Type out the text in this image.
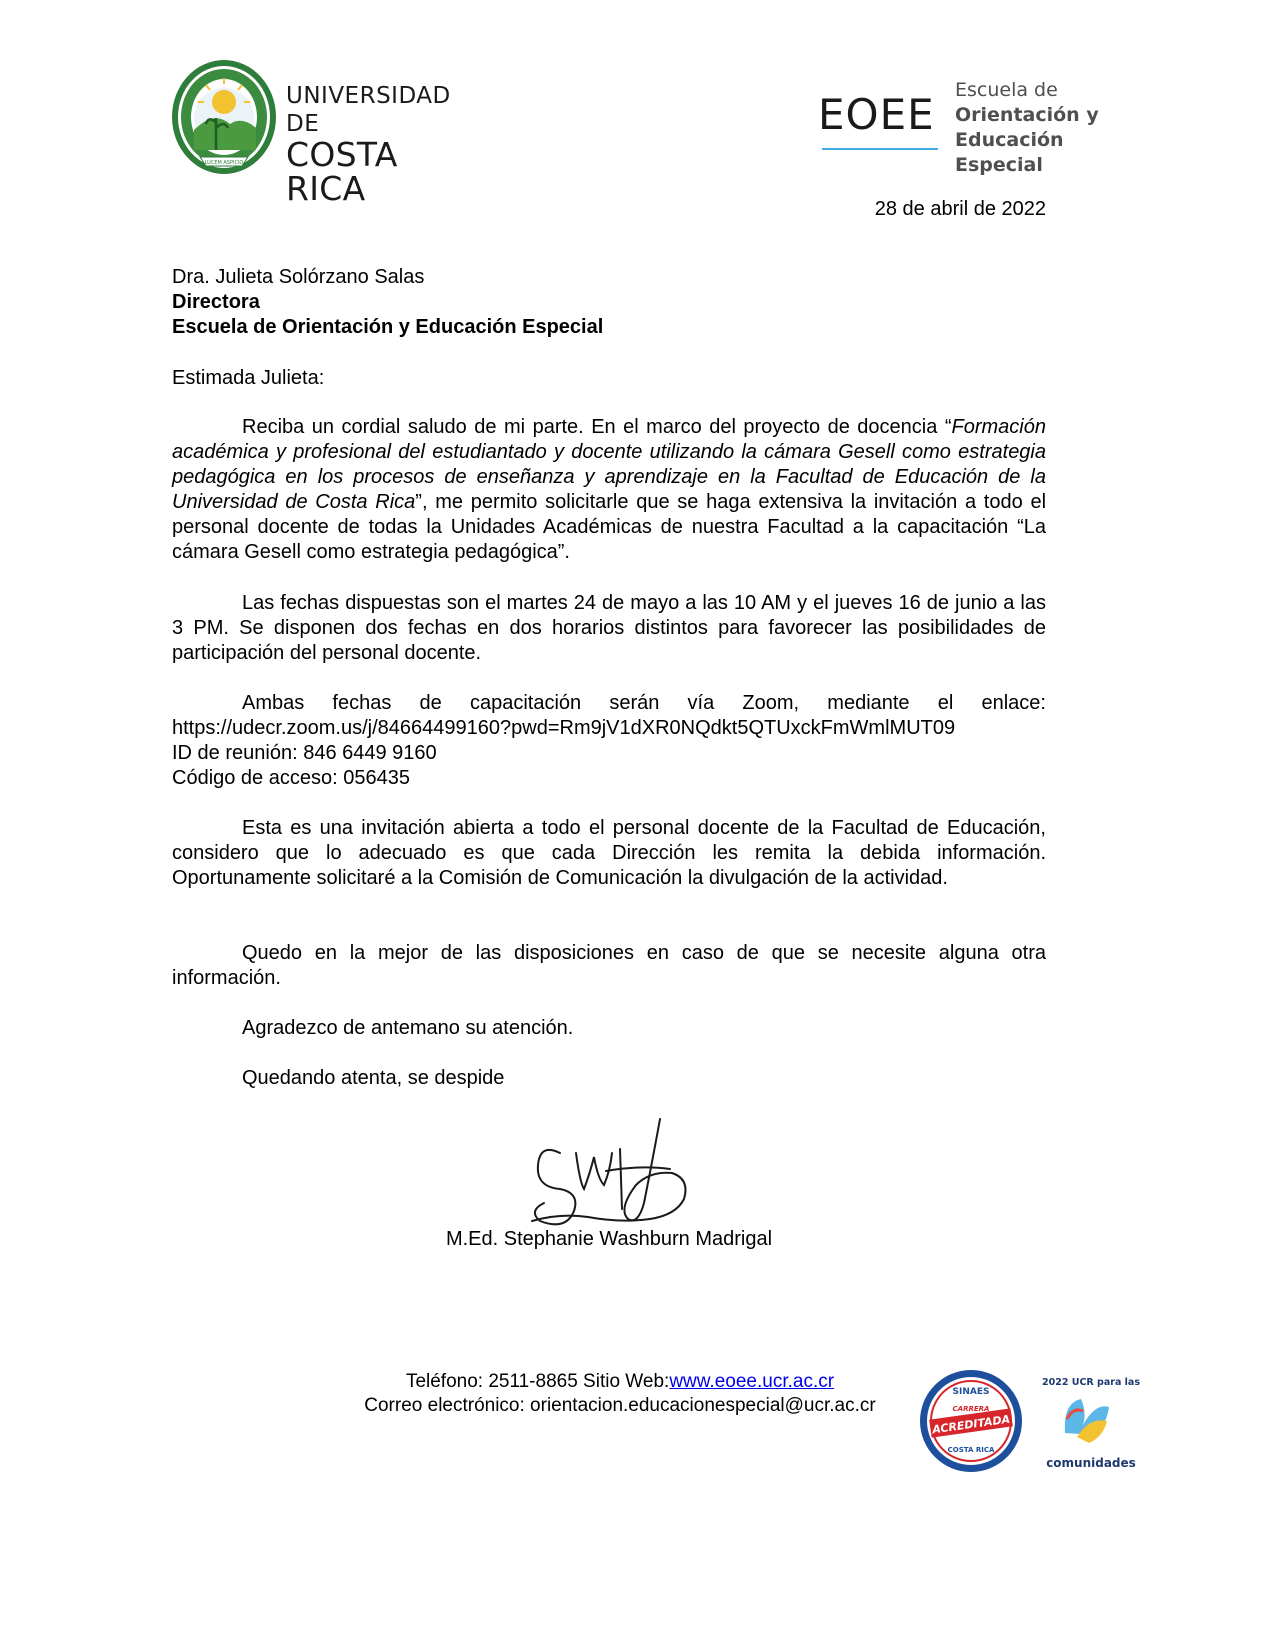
LUCEM ASPICIO
UNIVERSIDAD DE
COSTA RICA
EOEE Escuela de
Orientación y
Educación Especial
28 de abril de 2022
Dra. Julieta Solórzano Salas
Directora
Escuela de Orientación y Educación Especial
Estimada Julieta:

Reciba un cordial saludo de mi parte. En el marco del proyecto de docencia “Formación académica y profesional del estudiantado y docente utilizando la cámara Gesell como estrategia pedagógica en los procesos de enseñanza y aprendizaje en la Facultad de Educación de la Universidad de Costa Rica”, me permito solicitarle que se haga extensiva la invitación a todo el personal docente de todas la Unidades Académicas de nuestra Facultad a la capacitación “La cámara Gesell como estrategia pedagógica”.

Las fechas dispuestas son el martes 24 de mayo a las 10 AM y el jueves 16 de junio a las 3 PM. Se disponen dos fechas en dos horarios distintos para favorecer las posibilidades de participación del personal docente.

Ambas fechas de capacitación serán vía Zoom, mediante el enlace:

https://udecr.zoom.us/j/84664499160?pwd=Rm9jV1dXR0NQdkt5QTUxckFmWmlMUT09

ID de reunión: 846 6449 9160

Código de acceso: 056435

Esta es una invitación abierta a todo el personal docente de la Facultad de Educación, considero que lo adecuado es que cada Dirección les remita la debida información. Oportunamente solicitaré a la Comisión de Comunicación la divulgación de la actividad.

Quedo en la mejor de las disposiciones en caso de que se necesite alguna otra información.

Agradezco de antemano su atención.

Quedando atenta, se despide

M.Ed. Stephanie Washburn Madrigal
Teléfono: 2511-8865 Sitio Web:www.eoee.ucr.ac.cr
Correo electrónico: orientacion.educacionespecial@ucr.ac.cr
SINAES
CARRERA
ACREDITADA
COSTA RICA
2022 UCR para las
comunidades
